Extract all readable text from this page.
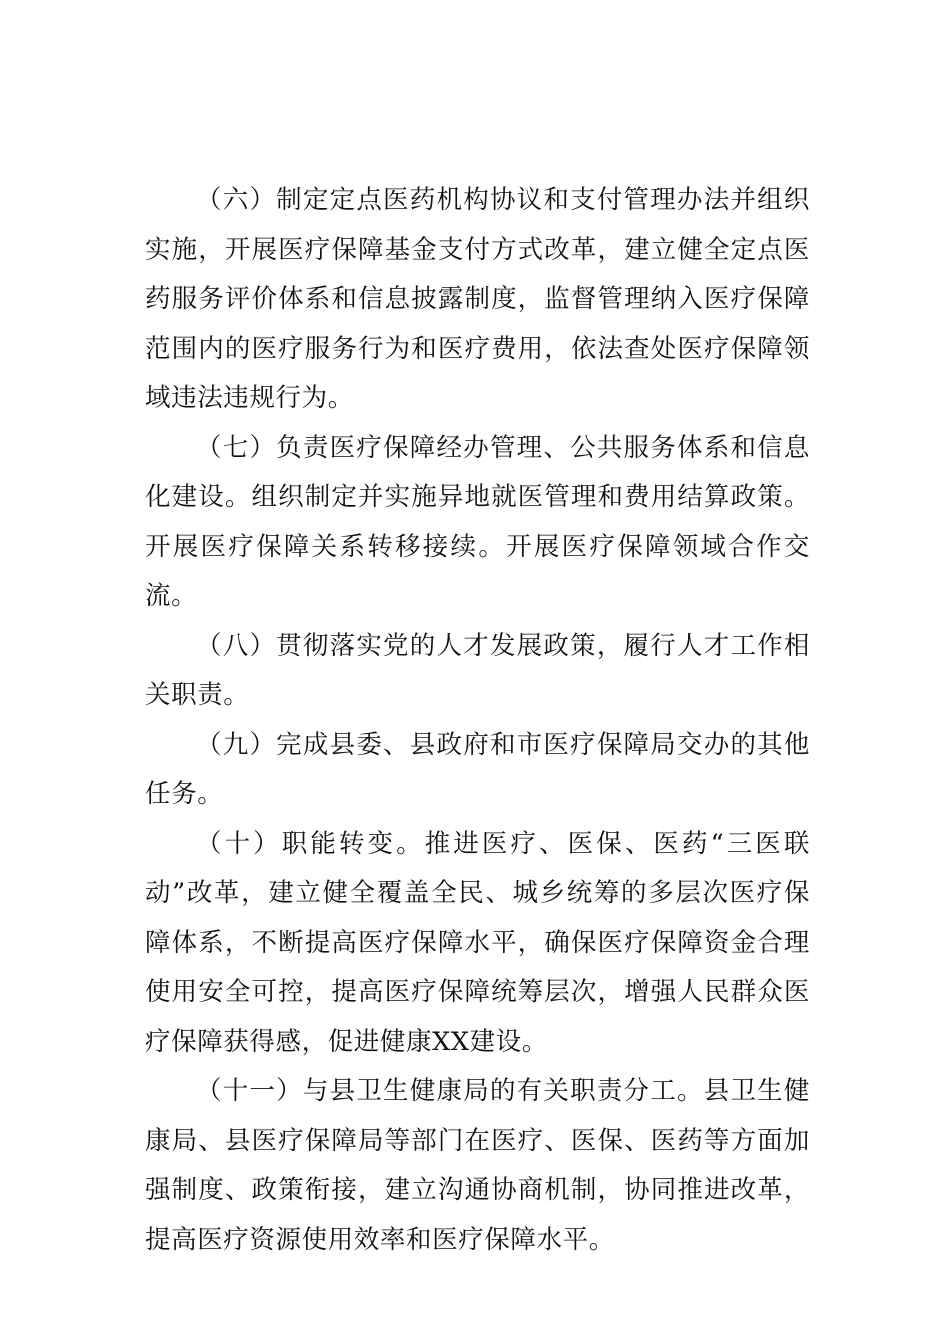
（六）制定定点医药机构协议和支付管理办法并组织实施，开展医疗保障基金支付方式改革，建立健全定点医药服务评价体系和信息披露制度，监督管理纳入医疗保障范围内的医疗服务行为和医疗费用，依法查处医疗保障领域违法违规行为。

（七）负责医疗保障经办管理、公共服务体系和信息化建设。组织制定并实施异地就医管理和费用结算政策。开展医疗保障关系转移接续。开展医疗保障领域合作交流。

（八）贯彻落实党的人才发展政策，履行人才工作相关职责。

（九）完成县委、县政府和市医疗保障局交办的其他任务。

（十）职能转变。推进医疗、医保、医药“三医联动”改革，建立健全覆盖全民、城乡统筹的多层次医疗保障体系，不断提高医疗保障水平，确保医疗保障资金合理使用安全可控，提高医疗保障统筹层次，增强人民群众医疗保障获得感，促进健康XX建设。

（十一）与县卫生健康局的有关职责分工。县卫生健康局、县医疗保障局等部门在医疗、医保、医药等方面加强制度、政策衔接，建立沟通协商机制，协同推进改革，提高医疗资源使用效率和医疗保障水平。
